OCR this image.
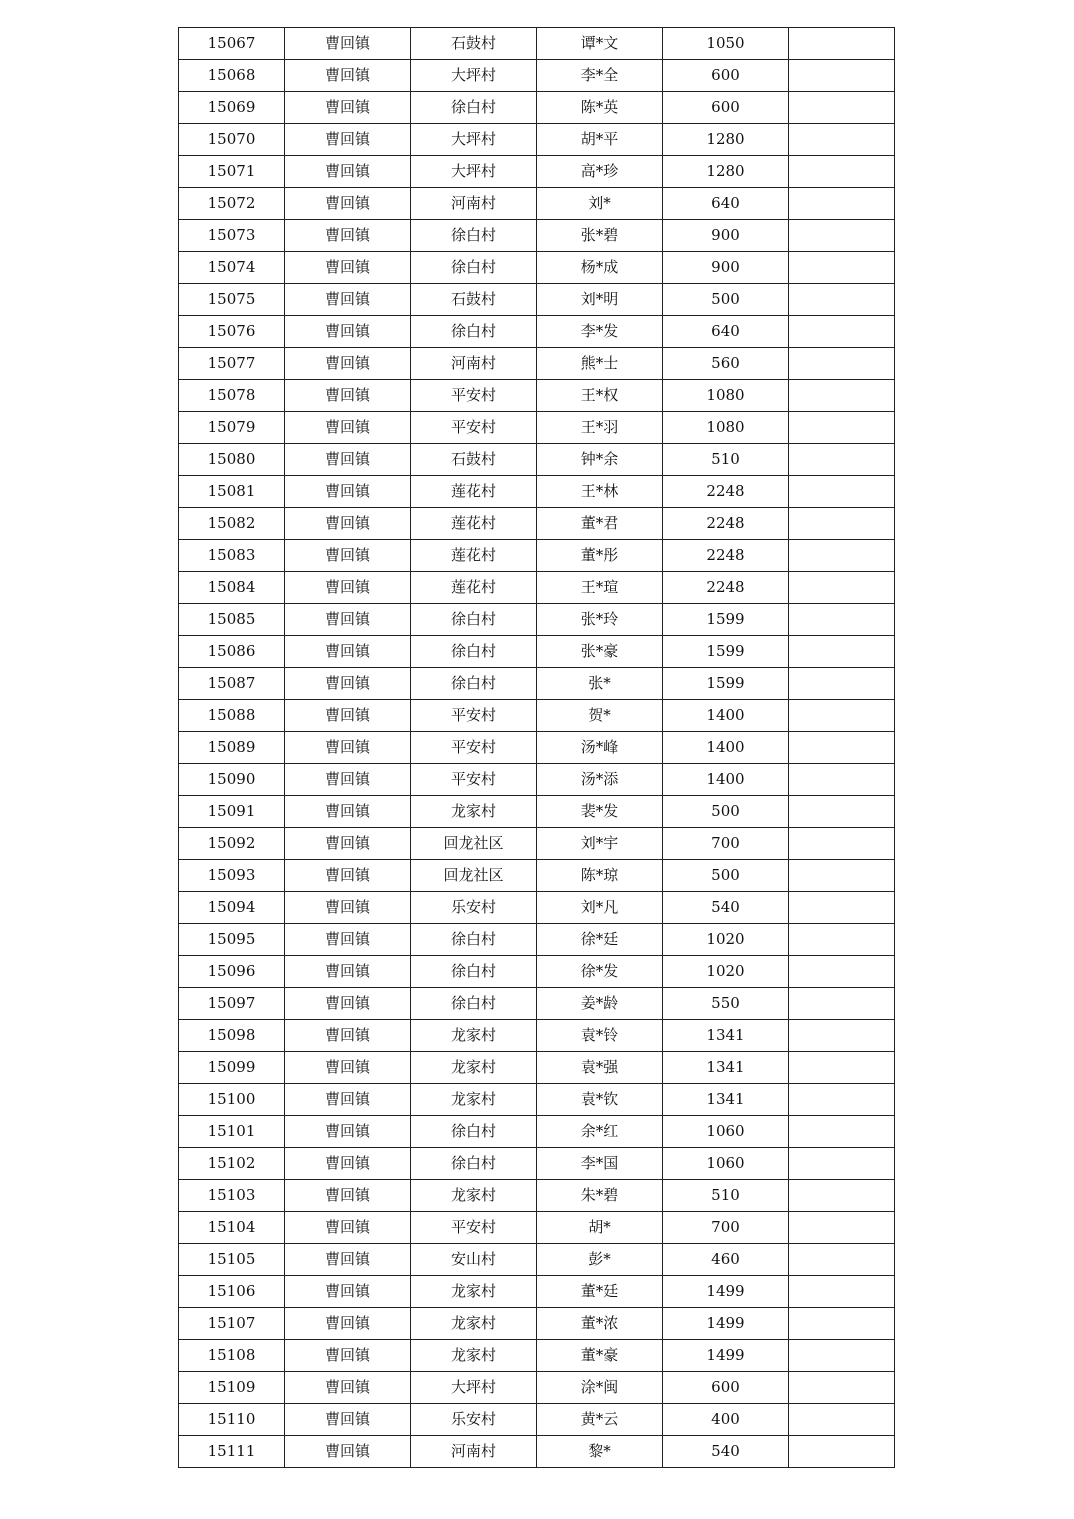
15067	曹回镇	石鼓村	谭*文	1050	
15068	曹回镇	大坪村	李*全	600	
15069	曹回镇	徐白村	陈*英	600	
15070	曹回镇	大坪村	胡*平	1280	
15071	曹回镇	大坪村	高*珍	1280	
15072	曹回镇	河南村	刘*	640	
15073	曹回镇	徐白村	张*碧	900	
15074	曹回镇	徐白村	杨*成	900	
15075	曹回镇	石鼓村	刘*明	500	
15076	曹回镇	徐白村	李*发	640	
15077	曹回镇	河南村	熊*士	560	
15078	曹回镇	平安村	王*权	1080	
15079	曹回镇	平安村	王*羽	1080	
15080	曹回镇	石鼓村	钟*余	510	
15081	曹回镇	莲花村	王*林	2248	
15082	曹回镇	莲花村	董*君	2248	
15083	曹回镇	莲花村	董*彤	2248	
15084	曹回镇	莲花村	王*瑄	2248	
15085	曹回镇	徐白村	张*玲	1599	
15086	曹回镇	徐白村	张*豪	1599	
15087	曹回镇	徐白村	张*	1599	
15088	曹回镇	平安村	贺*	1400	
15089	曹回镇	平安村	汤*峰	1400	
15090	曹回镇	平安村	汤*添	1400	
15091	曹回镇	龙家村	裴*发	500	
15092	曹回镇	回龙社区	刘*宇	700	
15093	曹回镇	回龙社区	陈*琼	500	
15094	曹回镇	乐安村	刘*凡	540	
15095	曹回镇	徐白村	徐*廷	1020	
15096	曹回镇	徐白村	徐*发	1020	
15097	曹回镇	徐白村	姜*龄	550	
15098	曹回镇	龙家村	袁*铃	1341	
15099	曹回镇	龙家村	袁*强	1341	
15100	曹回镇	龙家村	袁*钦	1341	
15101	曹回镇	徐白村	余*红	1060	
15102	曹回镇	徐白村	李*国	1060	
15103	曹回镇	龙家村	朱*碧	510	
15104	曹回镇	平安村	胡*	700	
15105	曹回镇	安山村	彭*	460	
15106	曹回镇	龙家村	董*廷	1499	
15107	曹回镇	龙家村	董*浓	1499	
15108	曹回镇	龙家村	董*豪	1499	
15109	曹回镇	大坪村	涂*闽	600	
15110	曹回镇	乐安村	黄*云	400	
15111	曹回镇	河南村	黎*	540	
